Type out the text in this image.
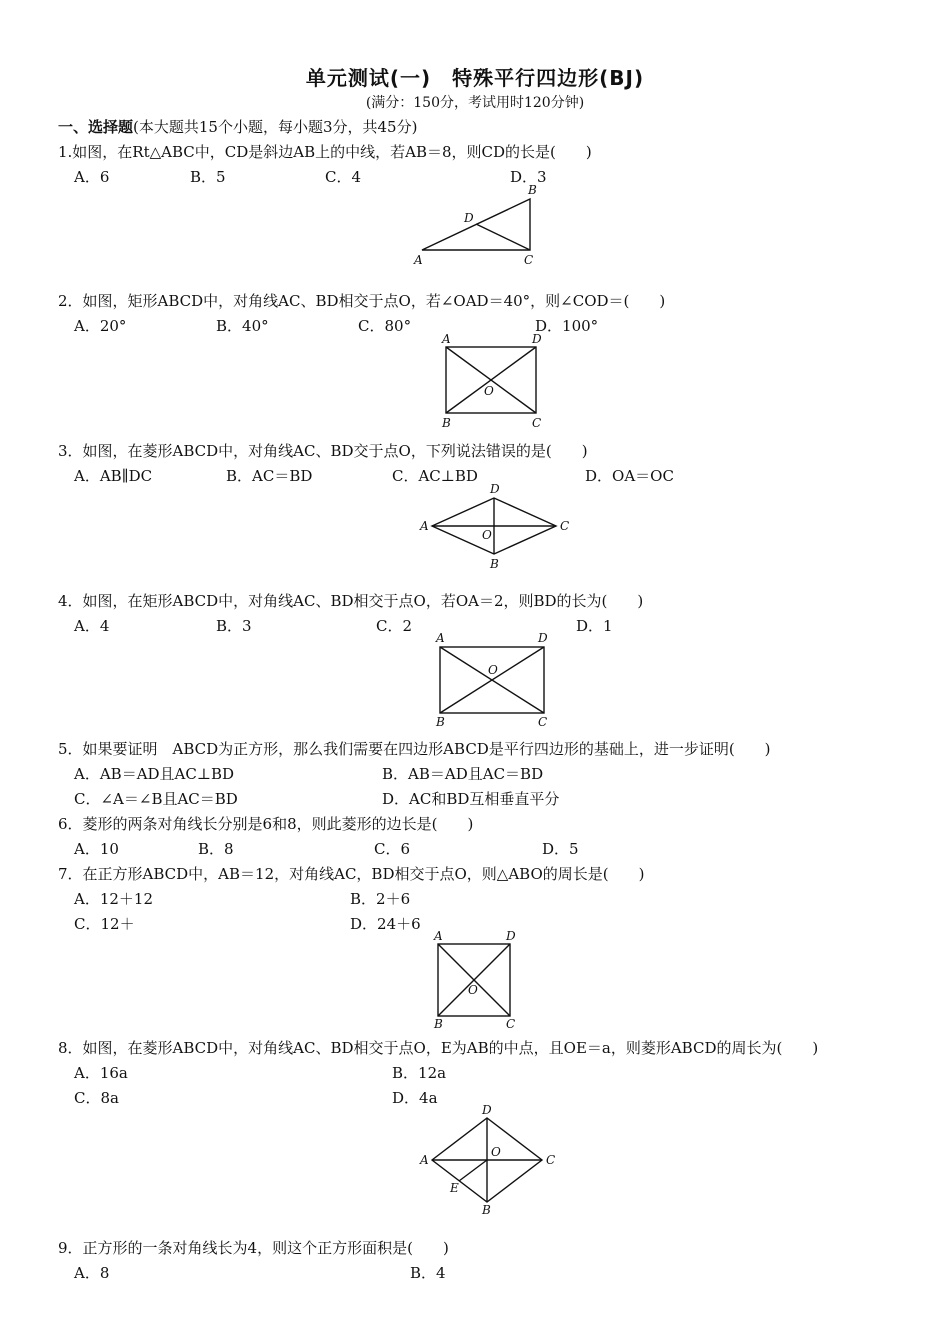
单元测试(一)　特殊平行四边形(BJ)
(满分：150分，考试用时120分钟)
一、选择题(本大题共15个小题，每小题3分，共45分)
1.如图，在Rt△ABC中，CD是斜边AB上的中线，若AB＝8，则CD的长是(　　)
A．6	B．5	C．4	D．3
A
B
C
D
2．如图，矩形ABCD中，对角线AC、BD相交于点O，若∠OAD＝40°，则∠COD＝(　　)
A．20°	B．40°	C．80°	D．100°
A	D
O
B	C
3．如图，在菱形ABCD中，对角线AC、BD交于点O，下列说法错误的是(　　)
A．AB∥DC	B．AC＝BD	C．AC⊥BD	D．OA＝OC
D
A
O
C
B
4．如图，在矩形ABCD中，对角线AC、BD相交于点O，若OA＝2，则BD的长为(　　)
A．4	B．3	C．2	D．1
A	D
O
B	C
5．如果要证明　ABCD为正方形，那么我们需要在四边形ABCD是平行四边形的基础上，进一步证明(　　)
A．AB＝AD且AC⊥BD	B．AB＝AD且AC＝BD
C．∠A＝∠B且AC＝BD	D．AC和BD互相垂直平分
6．菱形的两条对角线长分别是6和8，则此菱形的边长是(　　)
A．10	B．8	C．6	D．5
7．在正方形ABCD中，AB＝12，对角线AC，BD相交于点O，则△ABO的周长是(　　)
A．12＋12	B．2＋6
C．12＋	D．24＋6
A	D
O
B	C
8．如图，在菱形ABCD中，对角线AC、BD相交于点O，E为AB的中点，且OE＝a，则菱形ABCD的周长为(　　)
A．16a	B．12a
C．8a	D．4a
D
A
O
C
E
B
9．正方形的一条对角线长为4，则这个正方形面积是(　　)
A．8	B．4
